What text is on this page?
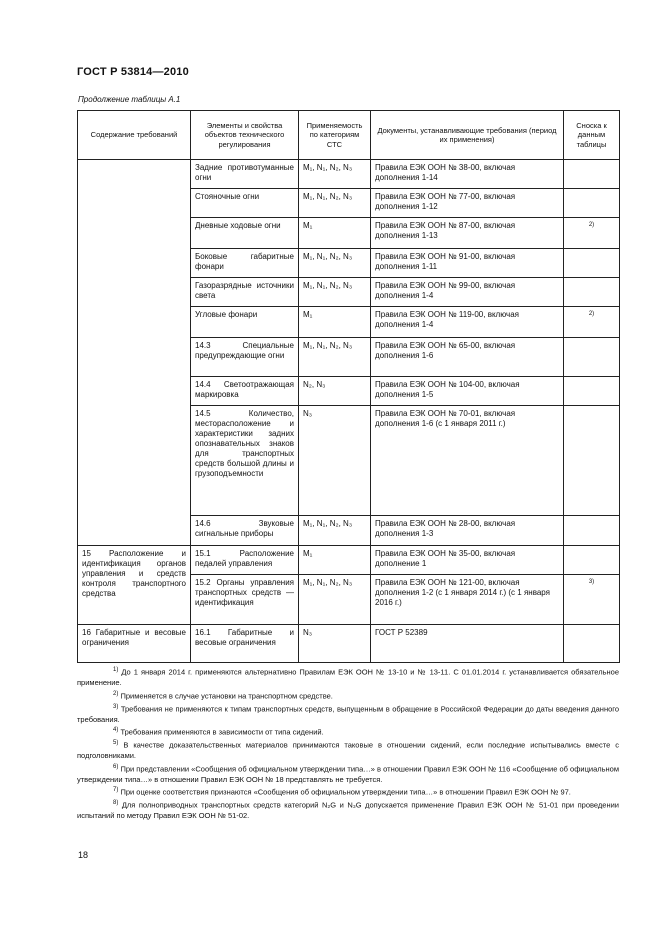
ГОСТ Р 53814—2010
Продолжение таблицы А.1
Содержание требований	Элементы и свойства объектов технического регулирования	Применяемость по категориям СТС	Документы, устанавливающие требования (период их применения)	Сноска к данным таблицы
	Задние противотуманные огни	M₁, N₁, N₂, N₃	Правила ЕЭК ООН № 38-00, включая дополнения 1-14	
	Стояночные огни	M₁, N₁, N₂, N₃	Правила ЕЭК ООН № 77-00, включая дополнения 1-12	
	Дневные ходовые огни	M₁	Правила ЕЭК ООН № 87-00, включая дополнения 1-13	2)
	Боковые габаритные фонари	M₁, N₁, N₂, N₃	Правила ЕЭК ООН № 91-00, включая дополнения 1-11	
	Газоразрядные источники света	M₁, N₁, N₂, N₃	Правила ЕЭК ООН № 99-00, включая дополнения 1-4	
	Угловые фонари	M₁	Правила ЕЭК ООН № 119-00, включая дополнения 1-4	2)
	14.3 Специальные предупреждающие огни	M₁, N₁, N₂, N₃	Правила ЕЭК ООН № 65-00, включая дополнения 1-6	
	14.4 Светоотражающая маркировка	N₂, N₃	Правила ЕЭК ООН № 104-00, включая дополнения 1-5	
	14.5 Количество, месторасположение и характеристики задних опознавательных знаков для транспортных средств большой длины и грузоподъемности	N₃	Правила ЕЭК ООН № 70-01, включая дополнения 1-6 (с 1 января 2011 г.)	
	14.6 Звуковые сигнальные приборы	M₁, N₁, N₂, N₃	Правила ЕЭК ООН № 28-00, включая дополнения 1-3	
15 Расположение и идентификация органов управления и средств контроля транспортного средства	15.1 Расположение педалей управления	M₁	Правила ЕЭК ООН № 35-00, включая дополнение 1	
	15.2 Органы управления транспортных средств — идентификация	M₁, N₁, N₂, N₃	Правила ЕЭК ООН № 121-00, включая дополнения 1-2 (с 1 января 2014 г.) (с 1 января 2016 г.)	3)
16 Габаритные и весовые ограничения	16.1 Габаритные и весовые ограничения	N₃	ГОСТ Р 52389	

$^{1)}$ До 1 января 2014 г. применяются альтернативно Правилам ЕЭК ООН № 13-10 и № 13-11. С 01.01.2014 г. устанавливается обязательное применение.

$^{2)}$ Применяется в случае установки на транспортном средстве.

$^{3)}$ Требования не применяются к типам транспортных средств, выпущенным в обращение в Российской Федерации до даты введения данного требования.

$^{4)}$ Требования применяются в зависимости от типа сидений.

$^{5)}$ В качестве доказательственных материалов принимаются таковые в отношении сидений, если последние испытывались вместе с подголовниками.

$^{6)}$ При представлении «Сообщения об официальном утверждении типа…» в отношении Правил ЕЭК ООН № 116 «Сообщение об официальном утверждении типа…» в отношении Правил ЕЭК ООН № 18 представлять не требуется.

$^{7)}$ При оценке соответствия признаются «Сообщения об официальном утверждении типа…» в отношении Правил ЕЭК ООН № 97.

$^{8)}$ Для полноприводных транспортных средств категорий N₂G и N₃G допускается применение Правил ЕЭК ООН № 51-01 при проведении испытаний по методу Правил ЕЭК ООН № 51-02.

18
